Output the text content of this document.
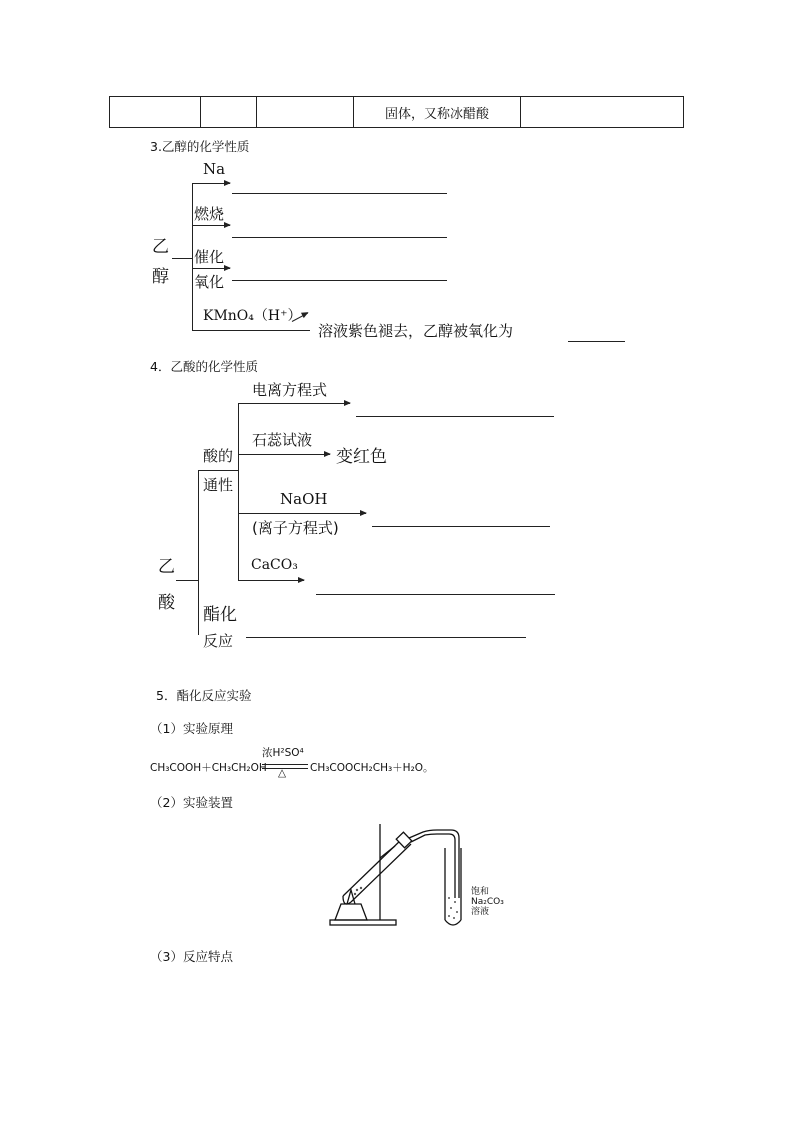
			固体，又称冰醋酸	
3.乙醇的化学性质
乙
醇
Na
燃烧
催化
氧化
KMnO₄（H⁺）
溶液紫色褪去，乙醇被氧化为
4．乙酸的化学性质
乙
酸
酸的
通性
电离方程式
石蕊试液
变红色
NaOH
(离子方程式)
CaCO₃
酯化
反应
5．酯化反应实验
（1）实验原理
CH₃COOH＋CH₃CH₂OH
浓H²SO⁴
△ CH₃COOCH₂CH₃＋H₂O。
（2）实验装置
饱和
Na₂CO₃
溶液
（3）反应特点
